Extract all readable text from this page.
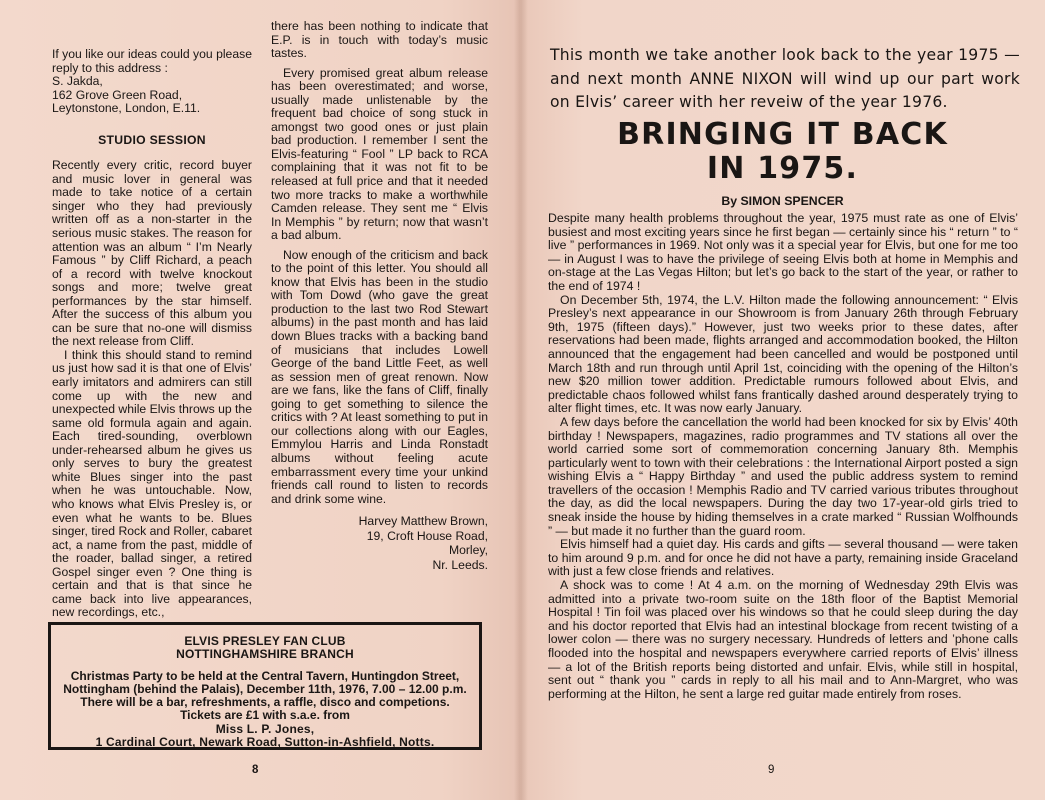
If you like our ideas could you please reply to this address :

S. Jakda,
162 Grove Green Road,
Leytonstone, London, E.11.
STUDIO SESSION

Recently every critic, record buyer and music lover in general was made to take notice of a certain singer who they had previously written off as a non-starter in the serious music stakes. The reason for attention was an album “ I’m Nearly Famous ” by Cliff Richard, a peach of a record with twelve knockout songs and more; twelve great performances by the star himself. After the success of this album you can be sure that no-one will dismiss the next release from Cliff.

I think this should stand to remind us just how sad it is that one of Elvis’ early imitators and admirers can still come up with the new and unexpected while Elvis throws up the same old formula again and again. Each tired-sounding, overblown under-rehearsed album he gives us only serves to bury the greatest white Blues singer into the past when he was untouchable. Now, who knows what Elvis Presley is, or even what he wants to be. Blues singer, tired Rock and Roller, cabaret act, a name from the past, middle of the roader, ballad singer, a retired Gospel singer even ? One thing is certain and that is that since he came back into live appearances, new recordings, etc.,

there has been nothing to indicate that E.P. is in touch with today’s music tastes.

Every promised great album release has been overestimated; and worse, usually made unlistenable by the frequent bad choice of song stuck in amongst two good ones or just plain bad production. I remember I sent the Elvis-featuring “ Fool ” LP back to RCA complaining that it was not fit to be released at full price and that it needed two more tracks to make a worthwhile Camden release. They sent me “ Elvis In Memphis ” by return; now that wasn’t a bad album.

Now enough of the criticism and back to the point of this letter. You should all know that Elvis has been in the studio with Tom Dowd (who gave the great production to the last two Rod Stewart albums) in the past month and has laid down Blues tracks with a backing band of musicians that includes Lowell George of the band Little Feet, as well as session men of great renown. Now are we fans, like the fans of Cliff, finally going to get something to silence the critics with ? At least something to put in our collections along with our Eagles, Emmylou Harris and Linda Ronstadt albums without feeling acute embarrassment every time your unkind friends call round to listen to records and drink some wine.

Harvey Matthew Brown,
19, Croft House Road,
Morley,
Nr. Leeds.
ELVIS PRESLEY FAN CLUB
NOTTINGHAMSHIRE BRANCH
Christmas Party to be held at the Central Tavern, Huntingdon Street, Nottingham (behind the Palais), December 11th, 1976, 7.00 – 12.00 p.m. There will be a bar, refreshments, a raffle, disco and competions. Tickets are £1 with s.a.e. from
Miss L. P. Jones,
1 Cardinal Court, Newark Road, Sutton-in-Ashfield, Notts.
8
This month we take another look back to the year 1975 — and next month ANNE NIXON will wind up our part work on Elvis’ career with her reveiw of the year 1976.
BRINGING IT BACK
IN 1975.
By SIMON SPENCER

Despite many health problems throughout the year, 1975 must rate as one of Elvis’ busiest and most exciting years since he first began — certainly since his “ return ” to “ live ” performances in 1969. Not only was it a special year for Elvis, but one for me too — in August I was to have the privilege of seeing Elvis both at home in Memphis and on-stage at the Las Vegas Hilton; but let’s go back to the start of the year, or rather to the end of 1974 !

On December 5th, 1974, the L.V. Hilton made the following announcement: “ Elvis Presley’s next appearance in our Showroom is from January 26th through February 9th, 1975 (fifteen days).” However, just two weeks prior to these dates, after reservations had been made, flights arranged and accommodation booked, the Hilton announced that the engagement had been cancelled and would be postponed until March 18th and run through until April 1st, coinciding with the opening of the Hilton’s new $20 million tower addition. Predictable rumours followed about Elvis, and predictable chaos followed whilst fans frantically dashed around desperately trying to alter flight times, etc. It was now early January.

A few days before the cancellation the world had been knocked for six by Elvis’ 40th birthday ! Newspapers, magazines, radio programmes and TV stations all over the world carried some sort of commemoration concerning January 8th. Memphis particularly went to town with their celebrations : the International Airport posted a sign wishing Elvis a “ Happy Birthday ” and used the public address system to remind travellers of the occasion ! Memphis Radio and TV carried various tributes throughout the day, as did the local newspapers. During the day two 17-year-old girls tried to sneak inside the house by hiding themselves in a crate marked “ Russian Wolfhounds ” — but made it no further than the guard room.

Elvis himself had a quiet day. His cards and gifts — several thousand — were taken to him around 9 p.m. and for once he did not have a party, remaining inside Graceland with just a few close friends and relatives.

A shock was to come ! At 4 a.m. on the morning of Wednesday 29th Elvis was admitted into a private two-room suite on the 18th floor of the Baptist Memorial Hospital ! Tin foil was placed over his windows so that he could sleep during the day and his doctor reported that Elvis had an intestinal blockage from recent twisting of a lower colon — there was no surgery necessary. Hundreds of letters and ’phone calls flooded into the hospital and newspapers everywhere carried reports of Elvis’ illness — a lot of the British reports being distorted and unfair. Elvis, while still in hospital, sent out “ thank you ” cards in reply to all his mail and to Ann-Margret, who was performing at the Hilton, he sent a large red guitar made entirely from roses.

9
